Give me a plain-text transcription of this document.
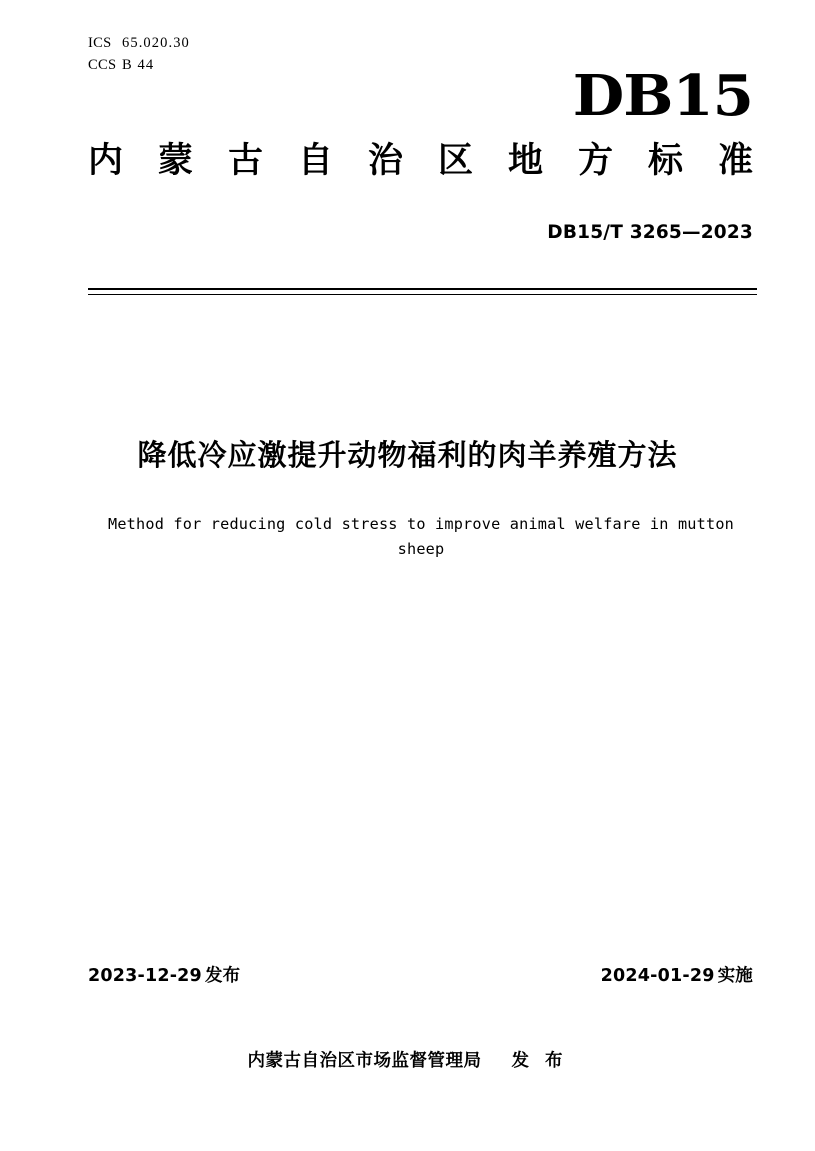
ICS 65.020.30
CCS B 44	DB15
内 蒙 古 自 治 区 地 方 标 准
DB15/T 3265—2023
降低冷应激提升动物福利的肉羊养殖方法
Method for reducing cold stress to improve animal welfare in mutton sheep
2023-12-29 发布	2024-01-29 实施
内蒙古自治区市场监督管理局 发 布
